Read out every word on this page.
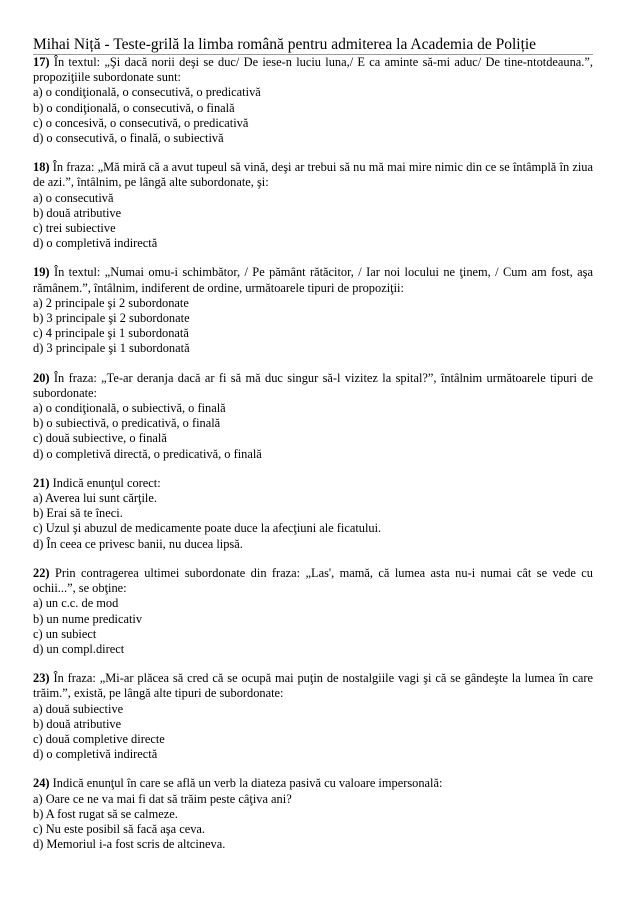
Mihai Niță - Teste-grilă la limba română pentru admiterea la Academia de Poliție

17) În textul: „Şi dacă norii deşi se duc/ De iese-n luciu luna,/ E ca aminte să-mi aduc/ De tine-ntotdeauna.”, propoziţiile subordonate sunt:

a) o condiţională, o consecutivă, o predicativă

b) o condiţională, o consecutivă, o finală

c) o concesivă, o consecutivă, o predicativă

d) o consecutivă, o finală, o subiectivă

18) În fraza: „Mă miră că a avut tupeul să vină, deşi ar trebui să nu mă mai mire nimic din ce se întâmplă în ziua de azi.”, întâlnim, pe lângă alte subordonate, şi:

a) o consecutivă

b) două atributive

c) trei subiective

d) o completivă indirectă

19) În textul: „Numai omu-i schimbător, / Pe pământ rătăcitor, / Iar noi locului ne ţinem, / Cum am fost, aşa rămânem.”, întâlnim, indiferent de ordine, următoarele tipuri de propoziţii:

a) 2 principale şi 2 subordonate

b) 3 principale şi 2 subordonate

c) 4 principale şi 1 subordonată

d) 3 principale şi 1 subordonată

20) În fraza: „Te-ar deranja dacă ar fi să mă duc singur să-l vizitez la spital?”, întâlnim următoarele tipuri de subordonate:

a) o condiţională, o subiectivă, o finală

b) o subiectivă, o predicativă, o finală

c) două subiective, o finală

d) o completivă directă, o predicativă, o finală

21) Indică enunţul corect:

a) Averea lui sunt cărţile.

b) Erai să te îneci.

c) Uzul şi abuzul de medicamente poate duce la afecţiuni ale ficatului.

d) În ceea ce privesc banii, nu ducea lipsă.

22) Prin contragerea ultimei subordonate din fraza: „Las', mamă, că lumea asta nu-i numai cât se vede cu ochii...”, se obţine:

a) un c.c. de mod

b) un nume predicativ

c) un subiect

d) un compl.direct

23) În fraza: „Mi-ar plăcea să cred că se ocupă mai puţin de nostalgiile vagi şi că se gândeşte la lumea în care trăim.”, există, pe lângă alte tipuri de subordonate:

a) două subiective

b) două atributive

c) două completive directe

d) o completivă indirectă

24) Indică enunţul în care se află un verb la diateza pasivă cu valoare impersonală:

a) Oare ce ne va mai fi dat să trăim peste câţiva ani?

b) A fost rugat să se calmeze.

c) Nu este posibil să facă aşa ceva.

d) Memoriul i-a fost scris de altcineva.
